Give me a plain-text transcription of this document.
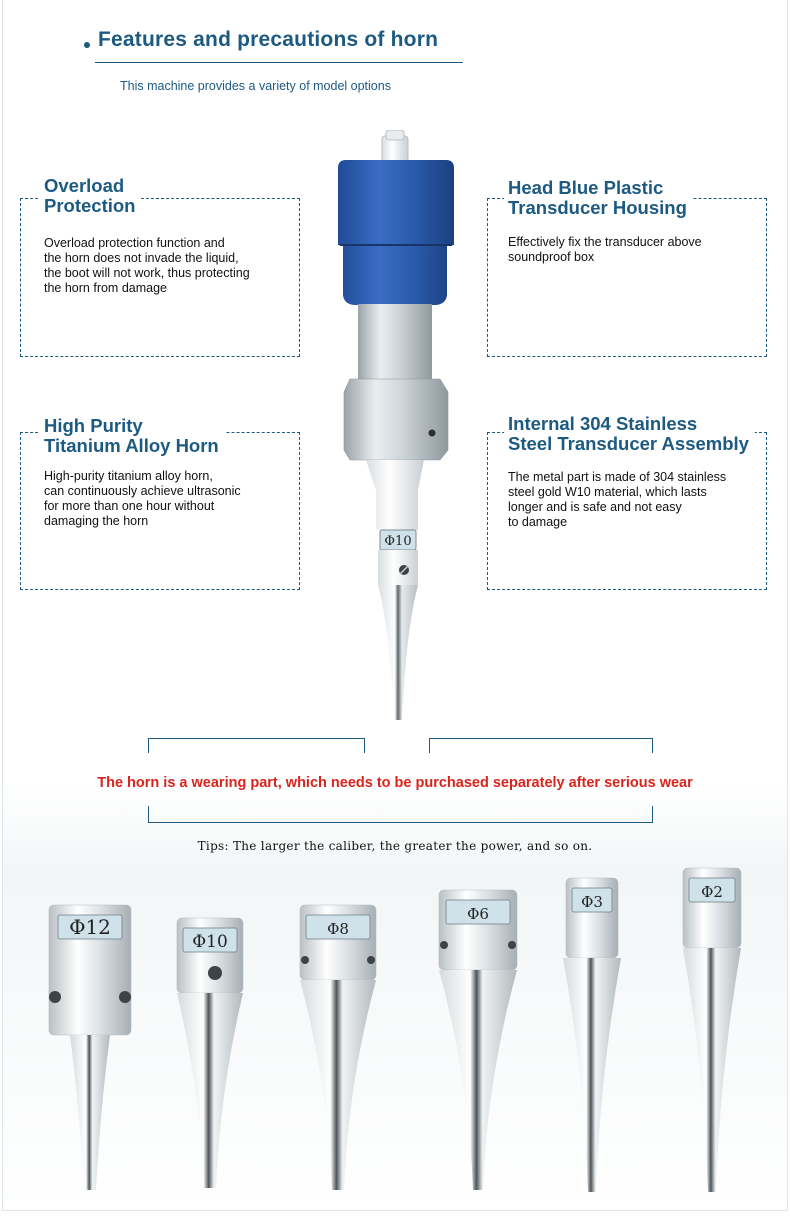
Features and precautions of horn
This machine provides a variety of model options
Overload
Protection
Overload protection function and
the horn does not invade the liquid,
the boot will not work, thus protecting
the horn from damage
Head Blue Plastic
Transducer Housing
Effectively fix the transducer above
soundproof box
High Purity
Titanium Alloy Horn
High-purity titanium alloy horn,
can continuously achieve ultrasonic
for more than one hour without
damaging the horn
Internal 304 Stainless
Steel Transducer Assembly
The metal part is made of 304 stainless
steel gold W10 material, which lasts
longer and is safe and not easy
to damage
Φ10
The horn is a wearing part, which needs to be purchased separately after serious wear
Tips: The larger the caliber, the greater the power, and so on.
Φ12
Φ10
Φ8
Φ6
Φ3
Φ2
